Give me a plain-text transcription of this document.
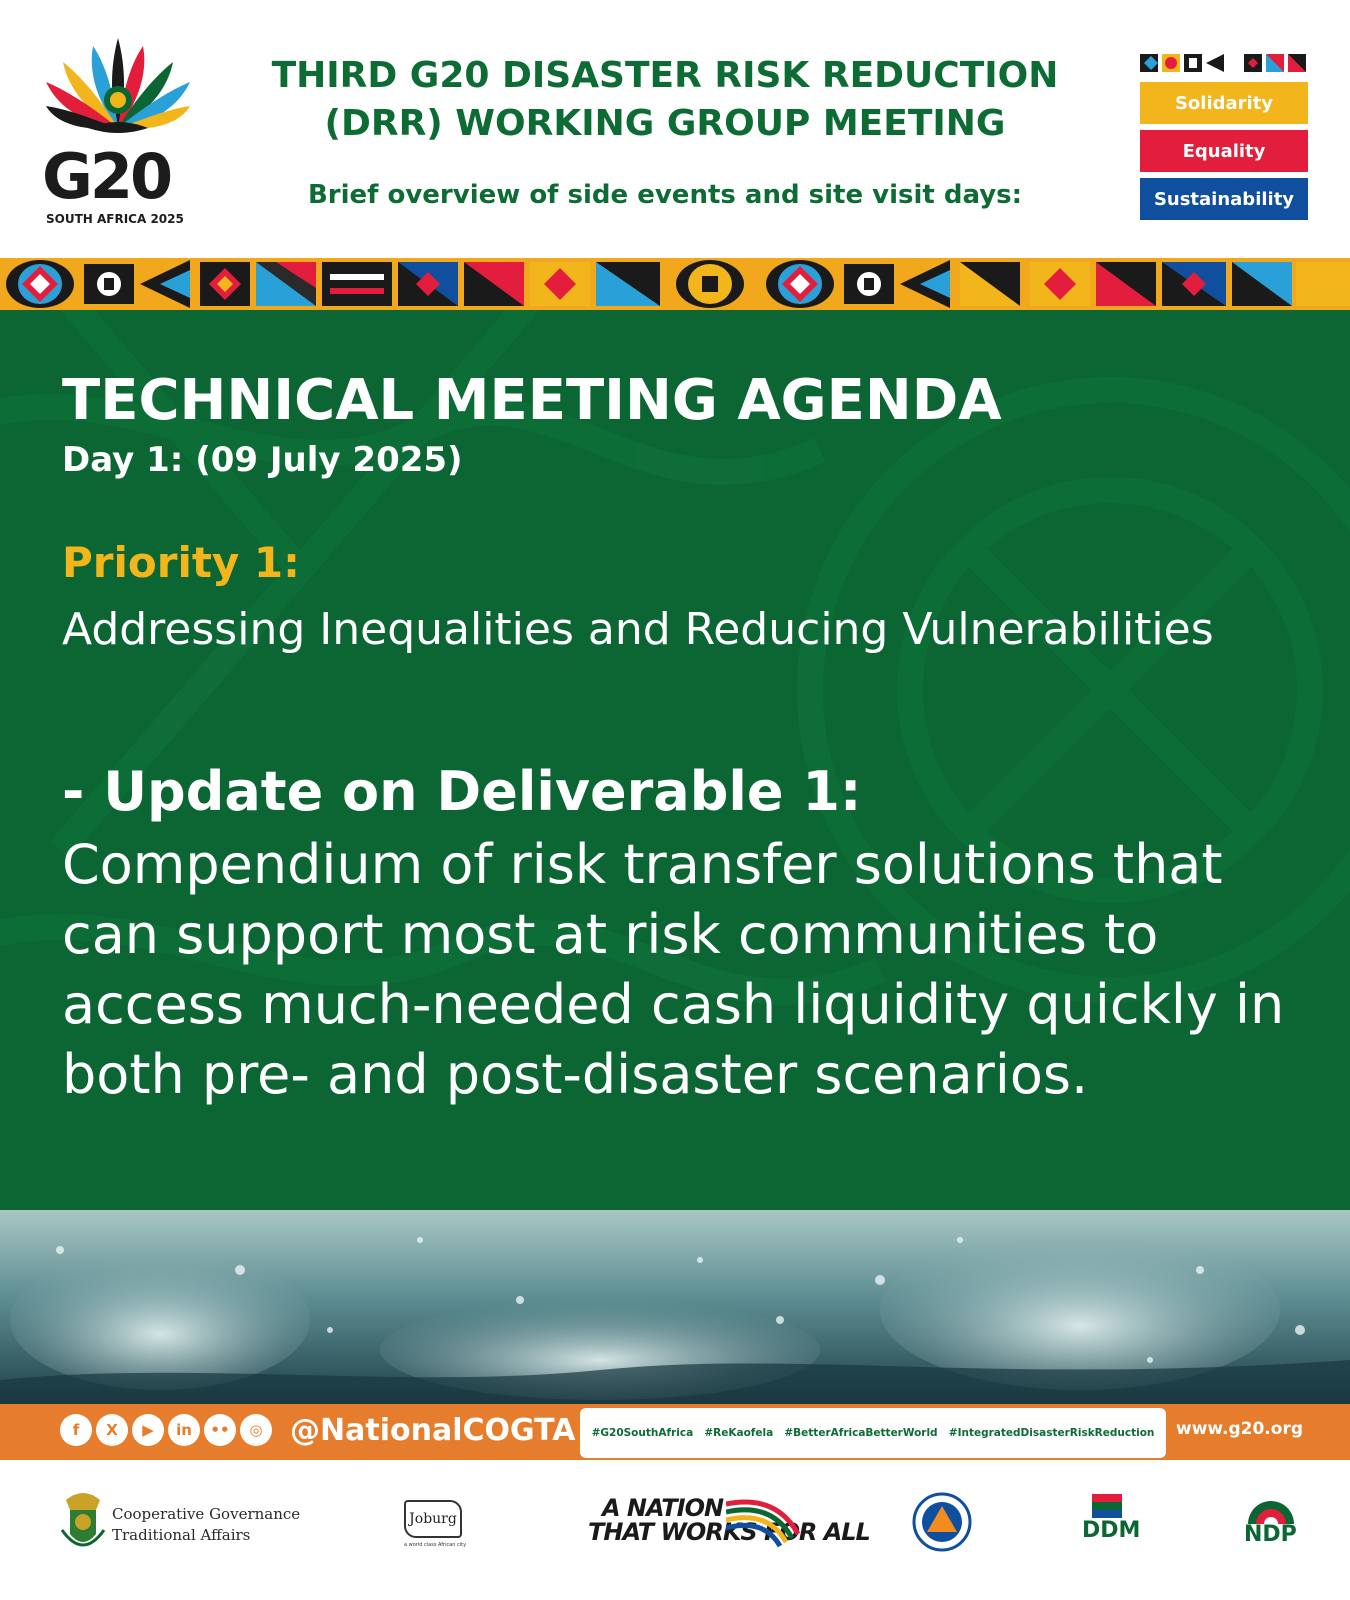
G20
SOUTH AFRICA 2025
THIRD G20 DISASTER RISK REDUCTION
(DRR) WORKING GROUP MEETING
Brief overview of side events and site visit days:
Solidarity
Equality
Sustainability
TECHNICAL MEETING AGENDA
Day 1: (09 July 2025)
Priority 1:
Addressing Inequalities and Reducing Vulnerabilities
- Update on Deliverable 1:
Compendium of risk transfer solutions that can support most at risk communities to access much-needed cash liquidity quickly in both pre- and post-disaster scenarios.
f	X	▶	in	••	◎ @NationalCOGTA #G20SouthAfrica #ReKaofela #BetterAfricaBetterWorld #IntegratedDisasterRiskReduction www.g20.org
Cooperative Governance
Traditional Affairs
Joburg
a world class African city
A NATION
THAT WORKS FOR ALL	DDM	NDP
